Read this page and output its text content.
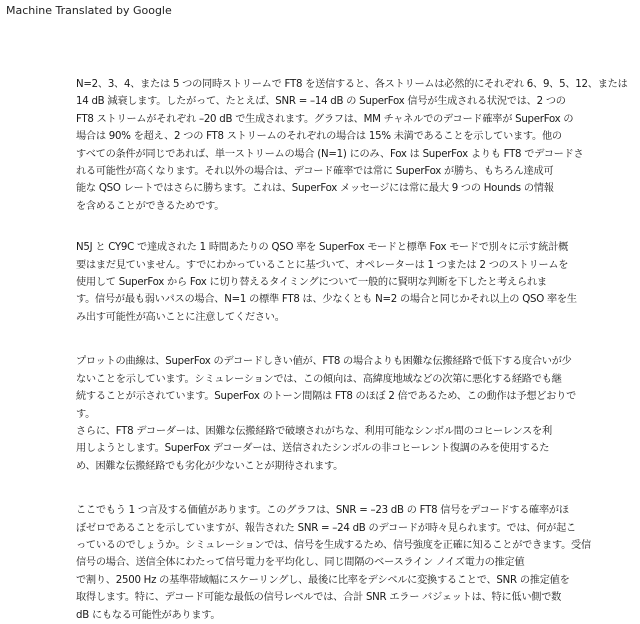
Machine Translated by Google
N=2、3、4、または 5 つの同時ストリームで FT8 を送信すると、各ストリームは必然的にそれぞれ 6、9、5、12、または
14 dB 減衰します。したがって、たとえば、SNR = –14 dB の SuperFox 信号が生成される状況では、2 つの
FT8 ストリームがそれぞれ –20 dB で生成されます。グラフは、MM チャネルでのデコード確率が SuperFox の
場合は 90% を超え、2 つの FT8 ストリームのそれぞれの場合は 15% 未満であることを示しています。他の
すべての条件が同じであれば、単一ストリームの場合 (N=1) にのみ、Fox は SuperFox よりも FT8 でデコードさ
れる可能性が高くなります。それ以外の場合は、デコード確率では常に SuperFox が勝ち、もちろん達成可
能な QSO レートではさらに勝ちます。これは、SuperFox メッセージには常に最大 9 つの Hounds の情報
を含めることができるためです。
N5J と CY9C で達成された 1 時間あたりの QSO 率を SuperFox モードと標準 Fox モードで別々に示す統計概
要はまだ見ていません。すでにわかっていることに基づいて、オペレーターは 1 つまたは 2 つのストリームを
使用して SuperFox から Fox に切り替えるタイミングについて一般的に賢明な判断を下したと考えられま
す。信号が最も弱いパスの場合、N=1 の標準 FT8 は、少なくとも N=2 の場合と同じかそれ以上の QSO 率を生
み出す可能性が高いことに注意してください。
プロットの曲線は、SuperFox のデコードしきい値が、FT8 の場合よりも困難な伝搬経路で低下する度合いが少
ないことを示しています。シミュレーションでは、この傾向は、高緯度地域などの次第に悪化する経路でも継
続することが示されています。SuperFox のトーン間隔は FT8 のほぼ 2 倍であるため、この動作は予想どおりで
す。
さらに、FT8 デコーダーは、困難な伝搬経路で破壊されがちな、利用可能なシンボル間のコヒーレンスを利
用しようとします。SuperFox デコーダーは、送信されたシンボルの非コヒーレント復調のみを使用するた
め、困難な伝搬経路でも劣化が少ないことが期待されます。
ここでもう 1 つ言及する価値があります。このグラフは、SNR = –23 dB の FT8 信号をデコードする確率がほ
ぼゼロであることを示していますが、報告された SNR = –24 dB のデコードが時々見られます。では、何が起こ
っているのでしょうか。シミュレーションでは、信号を生成するため、信号強度を正確に知ることができます。受信
信号の場合、送信全体にわたって信号電力を平均化し、同じ間隔のベースライン ノイズ電力の推定値
で割り、2500 Hz の基準帯域幅にスケーリングし、最後に比率をデシベルに変換することで、SNR の推定値を
取得します。特に、デコード可能な最低の信号レベルでは、合計 SNR エラー バジェットは、特に低い側で数
dB にもなる可能性があります。
